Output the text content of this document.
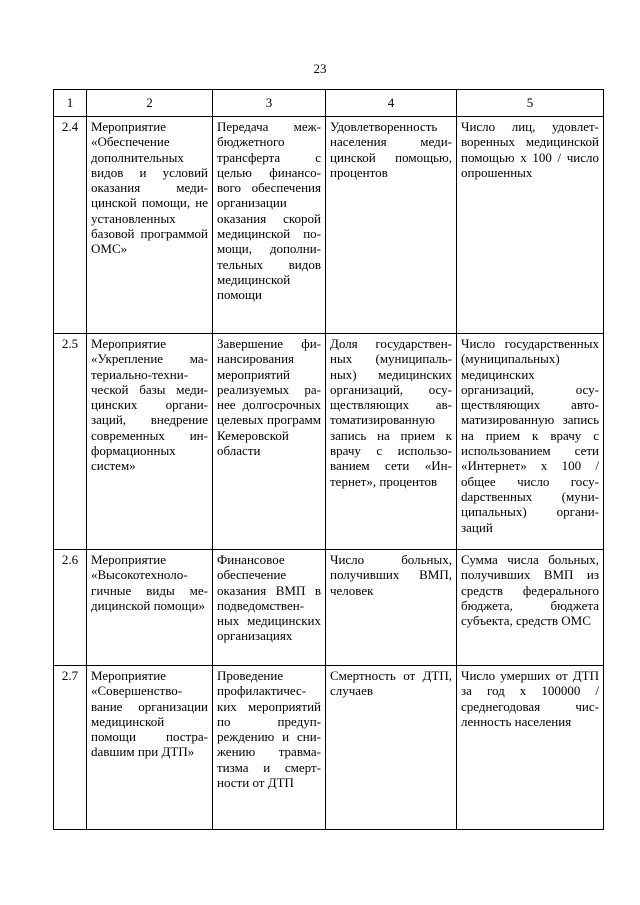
23
1	2	3	4	5
2.4	Мероприятие «Обеспечение дополнительных видов и условий оказания медицинской помощи, не установленных базовой программой ОМС»	Передача межбюджетного трансферта с целью финансового обеспечения организации оказания скорой медицинской помощи, дополнительных видов медицинской помощи	Удовлетворенность населения медицинской помощью, процентов	Число лиц, удовлетворенных медицинской помощью х 100 / число опрошенных
2.5	Мероприятие «Укрепление материально-технической базы медицинских организаций, внедрение современных информационных систем»	Завершение финансирования мероприятий реализуемых ранее долгосрочных целевых программ Кемеровской области	Доля государственных (муниципальных) медицинских организаций, осуществляющих автоматизированную запись на прием к врачу с использованием сети «Интернет», процентов	Число государственных (муниципальных) медицинских организаций, осуществляющих автоматизированную запись на прием к врачу с использованием сети «Интернет» х 100 / общее число госуdарственных (муниципальных) организаций
2.6	Мероприятие «Высокотехнологичные виды медицинской помощи»	Финансовое обеспечение оказания ВМП в подведомственных медицинских организациях	Число больных, получивших ВМП, человек	Сумма числа больных, получивших ВМП из средств федерального бюджета, бюджета субъекта, средств ОМС
2.7	Мероприятие «Совершенствование организации медицинской помощи постраdавшим при ДТП»	Проведение профилактических мероприятий по предупреждению и снижению травматизма и смертности от ДТП	Смертность от ДТП, случаев	Число умерших от ДТП за год х 100000 / среднегодовая численность населения
